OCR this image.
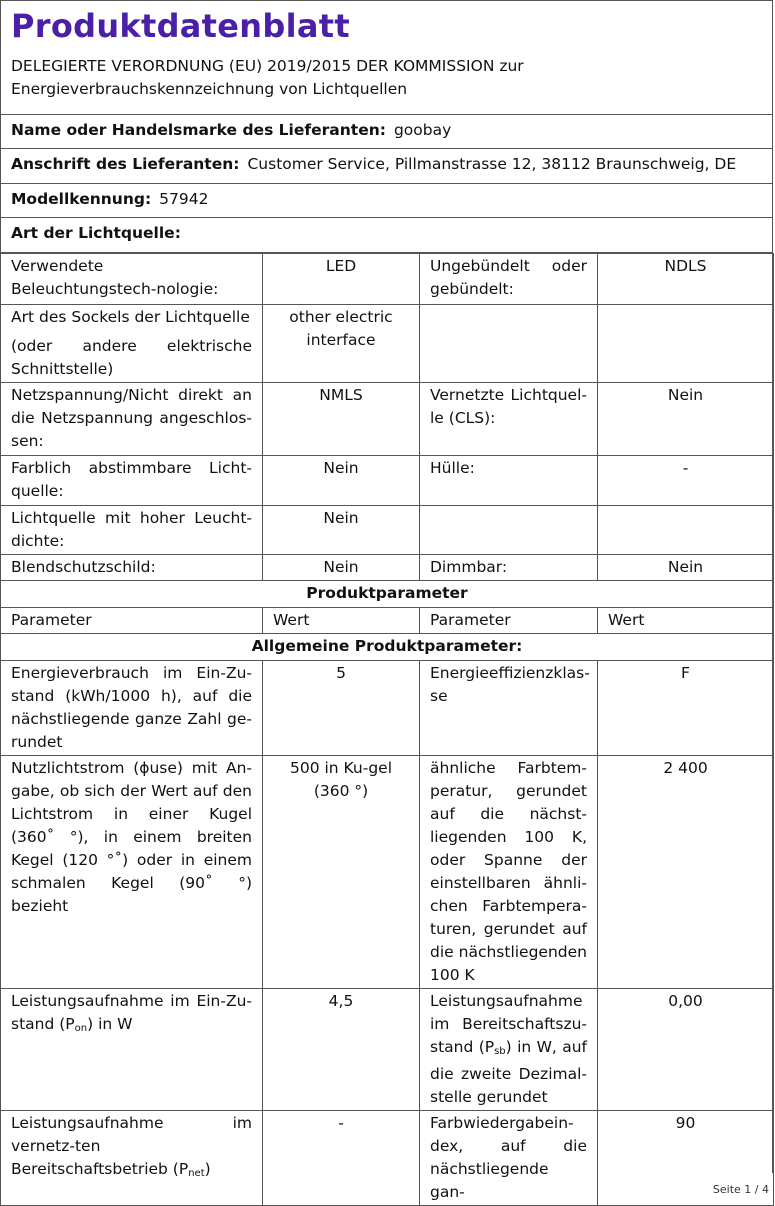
Produktdatenblatt
DELEGIERTE VERORDNUNG (EU) 2019/2015 DER KOMMISSION zur
Energieverbrauchskennzeichnung von Lichtquellen
Name oder Handelsmarke des Lieferanten: goobay
Anschrift des Lieferanten: Customer Service, Pillmanstrasse 12, 38112 Braunschweig, DE
Modellkennung: 57942
Art der Lichtquelle:
Verwendete Beleuchtungstech-nologie:	LED	Ungebündelt oder gebündelt:	NDLS

Art des Sockels der Lichtquelle
(oder andere elektrische Schnittstelle)	other electric interface		
Netzspannung/Nicht direkt an die Netzspannung angeschlos-sen:	NMLS	Vernetzte Lichtquel-le (CLS):	Nein
Farblich abstimmbare Licht-quelle:	Nein	Hülle:	-
Lichtquelle mit hoher Leucht-dichte:	Nein		
Blendschutzschild:	Nein	Dimmbar:	Nein
Produktparameter			
Parameter	Wert	Parameter	Wert
Allgemeine Produktparameter:			
Energieverbrauch im Ein-Zu-stand (kWh/1000 h), auf die nächstliegende ganze Zahl ge-rundet	5	Energieeffizienzklas-se	F
Nutzlichtstrom (ɸuse) mit An-gabe, ob sich der Wert auf den Lichtstrom in einer Kugel (360˚ °), in einem breiten Kegel (120 °˚) oder in einem schmalen Kegel (90˚ °) bezieht	500 in Ku-gel (360 °)	ähnliche Farbtem-peratur, gerundet auf die nächst-liegenden 100 K, oder Spanne der einstellbaren ähnli-chen Farbtempera-turen, gerundet auf die nächstliegenden 100 K	2 400
Leistungsaufnahme im Ein-Zu-stand $(P_{on})$ in W	4,5	Leistungsaufnahme im Bereitschaftszu-stand $(P_{sb})$ in W, auf die zweite Dezimal-stelle gerundet	0,00
Leistungsaufnahme im vernetz-ten Bereitschaftsbetrieb $(P_{net})$	-	Farbwiedergabein-dex, auf die nächstliegende gan-	90
Seite 1 / 4
